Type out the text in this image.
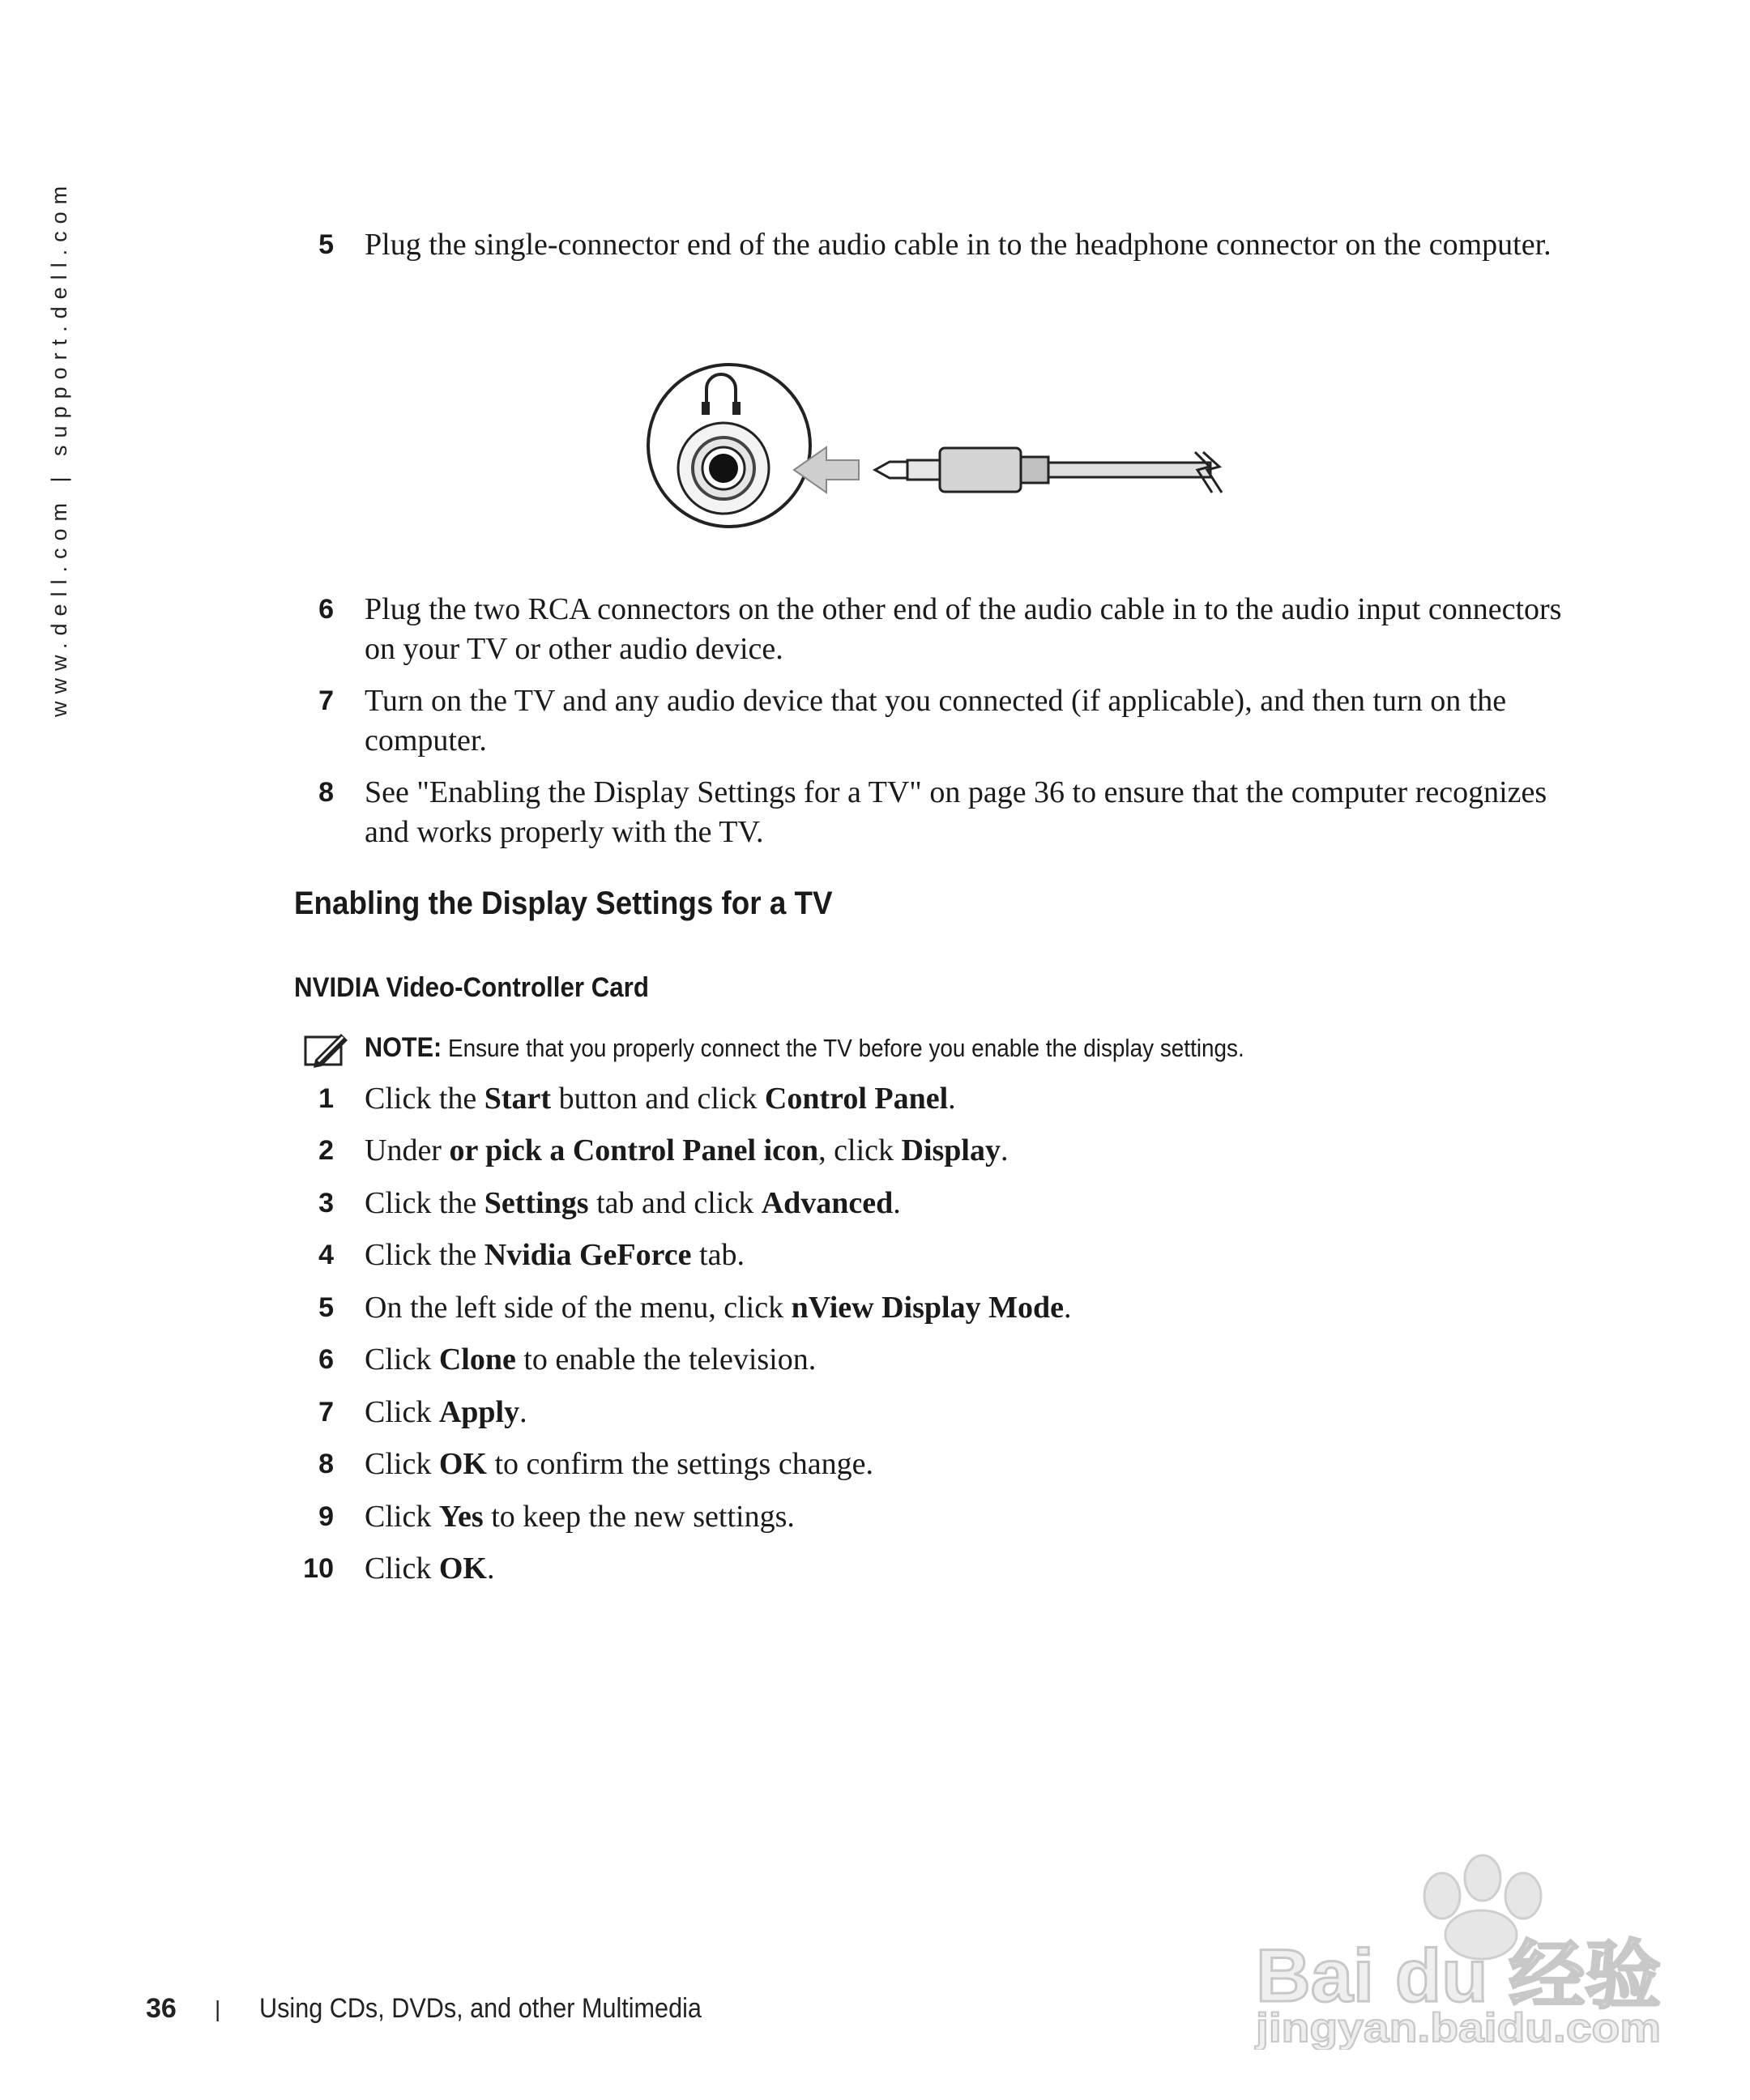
www.dell.com | support.dell.com	5 Plug the single-connector end of the audio cable in to the headphone connector on the computer.
6 Plug the two RCA connectors on the other end of the audio cable in to the audio input connectors on your TV or other audio device.
7 Turn on the TV and any audio device that you connected (if applicable), and then turn on the computer.
8 See "Enabling the Display Settings for a TV" on page 36 to ensure that the computer recognizes and works properly with the TV.
Enabling the Display Settings for a TV
NVIDIA Video-Controller Card
NOTE: Ensure that you properly connect the TV before you enable the display settings.
1 Click the Start button and click Control Panel.
2 Under or pick a Control Panel icon, click Display.
3 Click the Settings tab and click Advanced.
4 Click the Nvidia GeForce tab.
5 On the left side of the menu, click nView Display Mode.
6 Click Clone to enable the television.
7 Click Apply.
8 Click OK to confirm the settings change.
9 Click Yes to keep the new settings.
10 Click OK.
36 | Using CDs, DVDs, and other Multimedia	Bai du 经验
jingyan.baidu.com
